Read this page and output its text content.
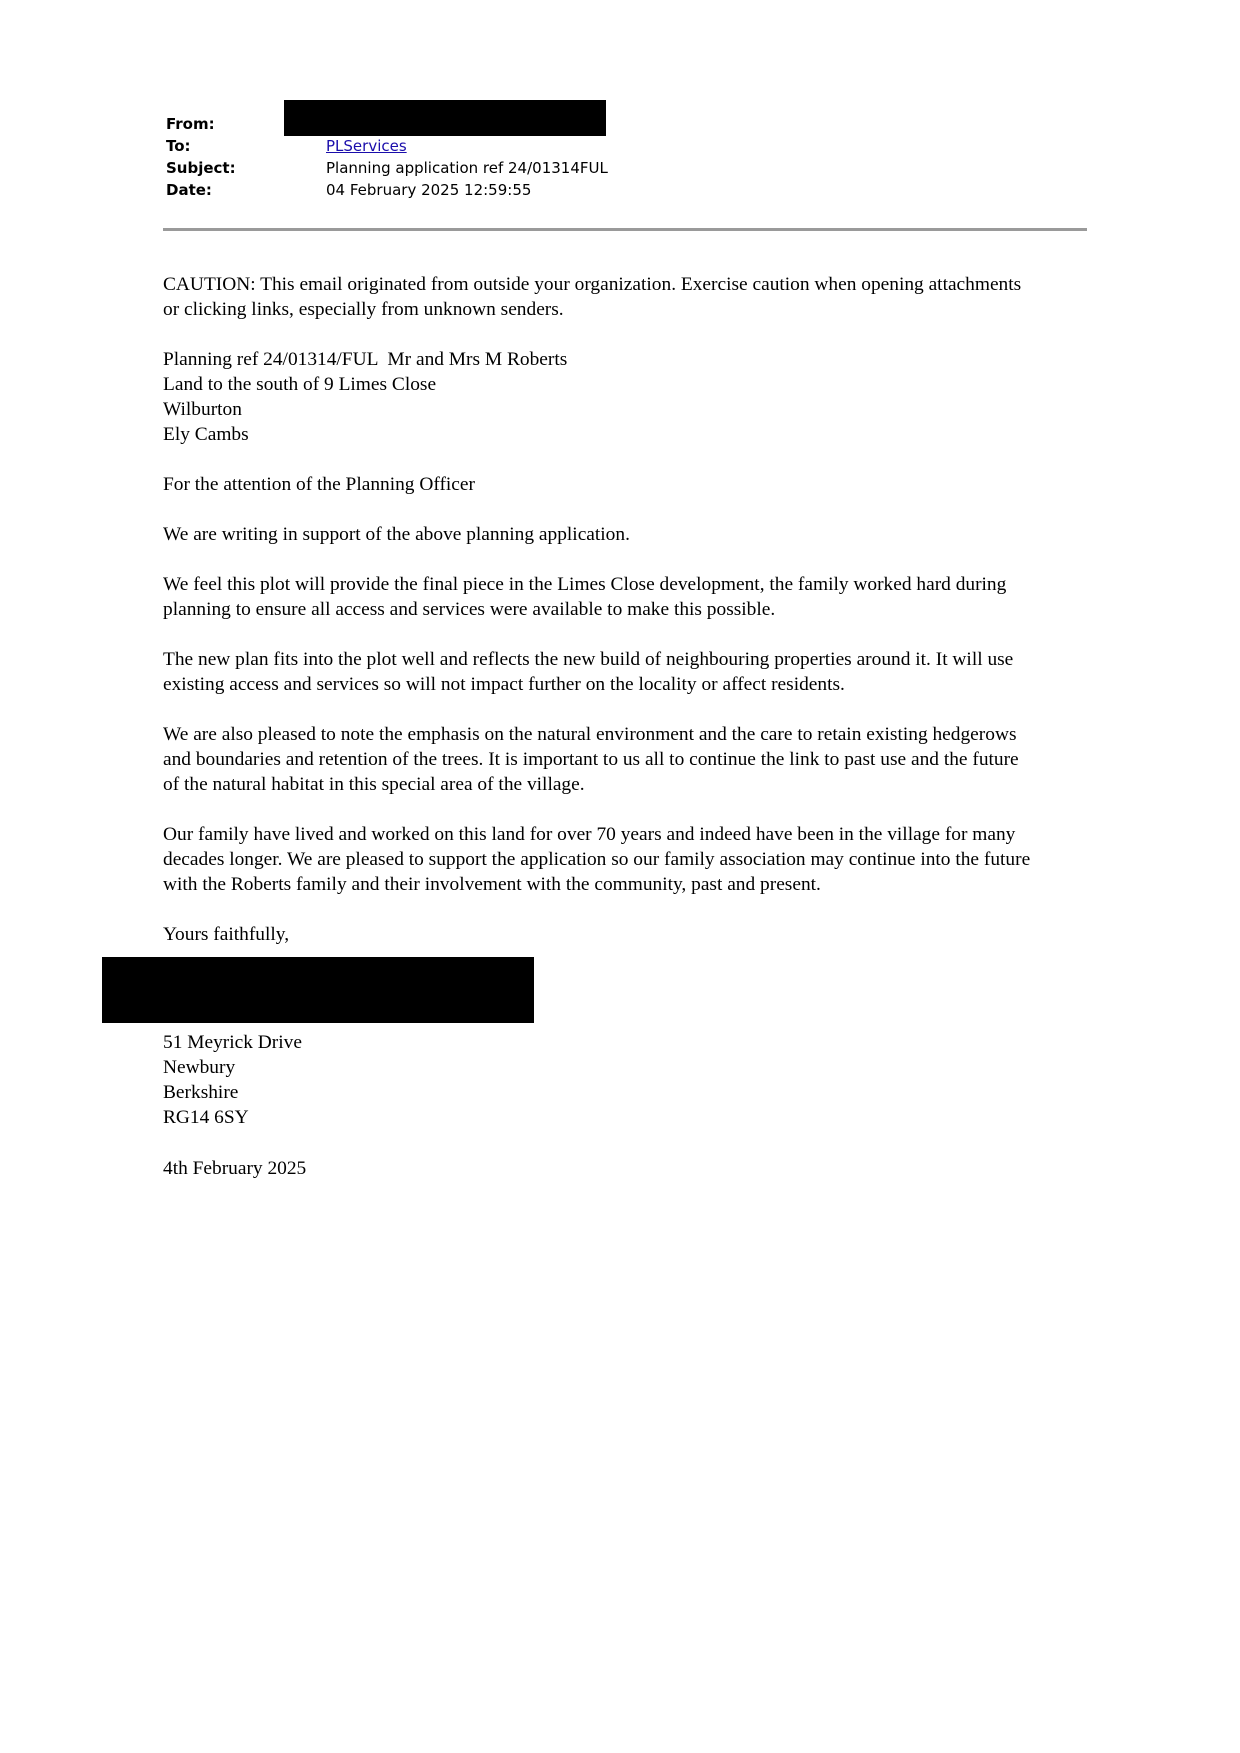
From:
To:	PLServices
Subject:	Planning application ref 24/01314FUL
Date:	04 February 2025 12:59:55

CAUTION: This email originated from outside your organization. Exercise caution when opening attachments
or clicking links, especially from unknown senders.

Planning ref 24/01314/FUL  Mr and Mrs M Roberts
Land to the south of 9 Limes Close
Wilburton
Ely Cambs

For the attention of the Planning Officer

We are writing in support of the above planning application.

We feel this plot will provide the final piece in the Limes Close development, the family worked hard during
planning to ensure all access and services were available to make this possible.

The new plan fits into the plot well and reflects the new build of neighbouring properties around it. It will use
existing access and services so will not impact further on the locality or affect residents.

We are also pleased to note the emphasis on the natural environment and the care to retain existing hedgerows
and boundaries and retention of the trees. It is important to us all to continue the link to past use and the future
of the natural habitat in this special area of the village.

Our family have lived and worked on this land for over 70 years and indeed have been in the village for many
decades longer. We are pleased to support the application so our family association may continue into the future
with the Roberts family and their involvement with the community, past and present.

Yours faithfully,

51 Meyrick Drive
Newbury
Berkshire
RG14 6SY
4th February 2025
